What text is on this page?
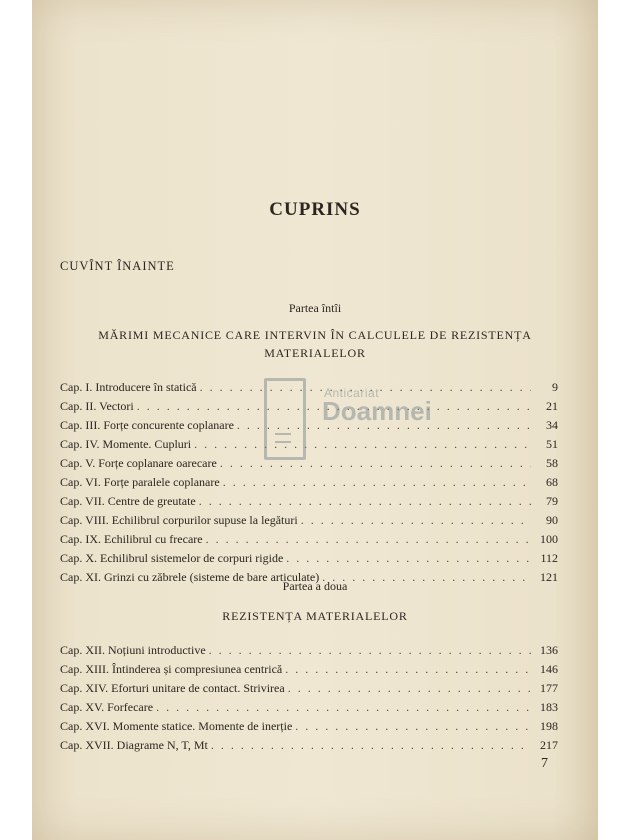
CUPRINS
CUVÎNT ÎNAINTE
Partea întîi
MĂRIMI MECANICE CARE INTERVIN ÎN CALCULELE DE REZISTENȚA
MATERIALELOR
Cap. I. Introducere în statică . . .	9
Cap. II. Vectori . . .	21
Cap. III. Forțe concurente coplanare . . .	34
Cap. IV. Momente. Cupluri . . .	51
Cap. V. Forțe coplanare oarecare . . .	58
Cap. VI. Forțe paralele coplanare . . .	68
Cap. VII. Centre de greutate . . .	79
Cap. VIII. Echilibrul corpurilor supuse la legături . . .	90
Cap. IX. Echilibrul cu frecare . . .	100
Cap. X. Echilibrul sistemelor de corpuri rigide . . .	112
Cap. XI. Grinzi cu zăbrele (sisteme de bare articulate) . . .	121
Partea a doua
REZISTENȚA MATERIALELOR
Cap. XII. Noțiuni introductive . . .	136
Cap. XIII. Întinderea și compresiunea centrică . . .	146
Cap. XIV. Eforturi unitare de contact. Strivirea . . .	177
Cap. XV. Forfecare . . .	183
Cap. XVI. Momente statice. Momente de inerție . . .	198
Cap. XVII. Diagrame N, T, Mt . . .	217
7
Anticariat
Doamnei
